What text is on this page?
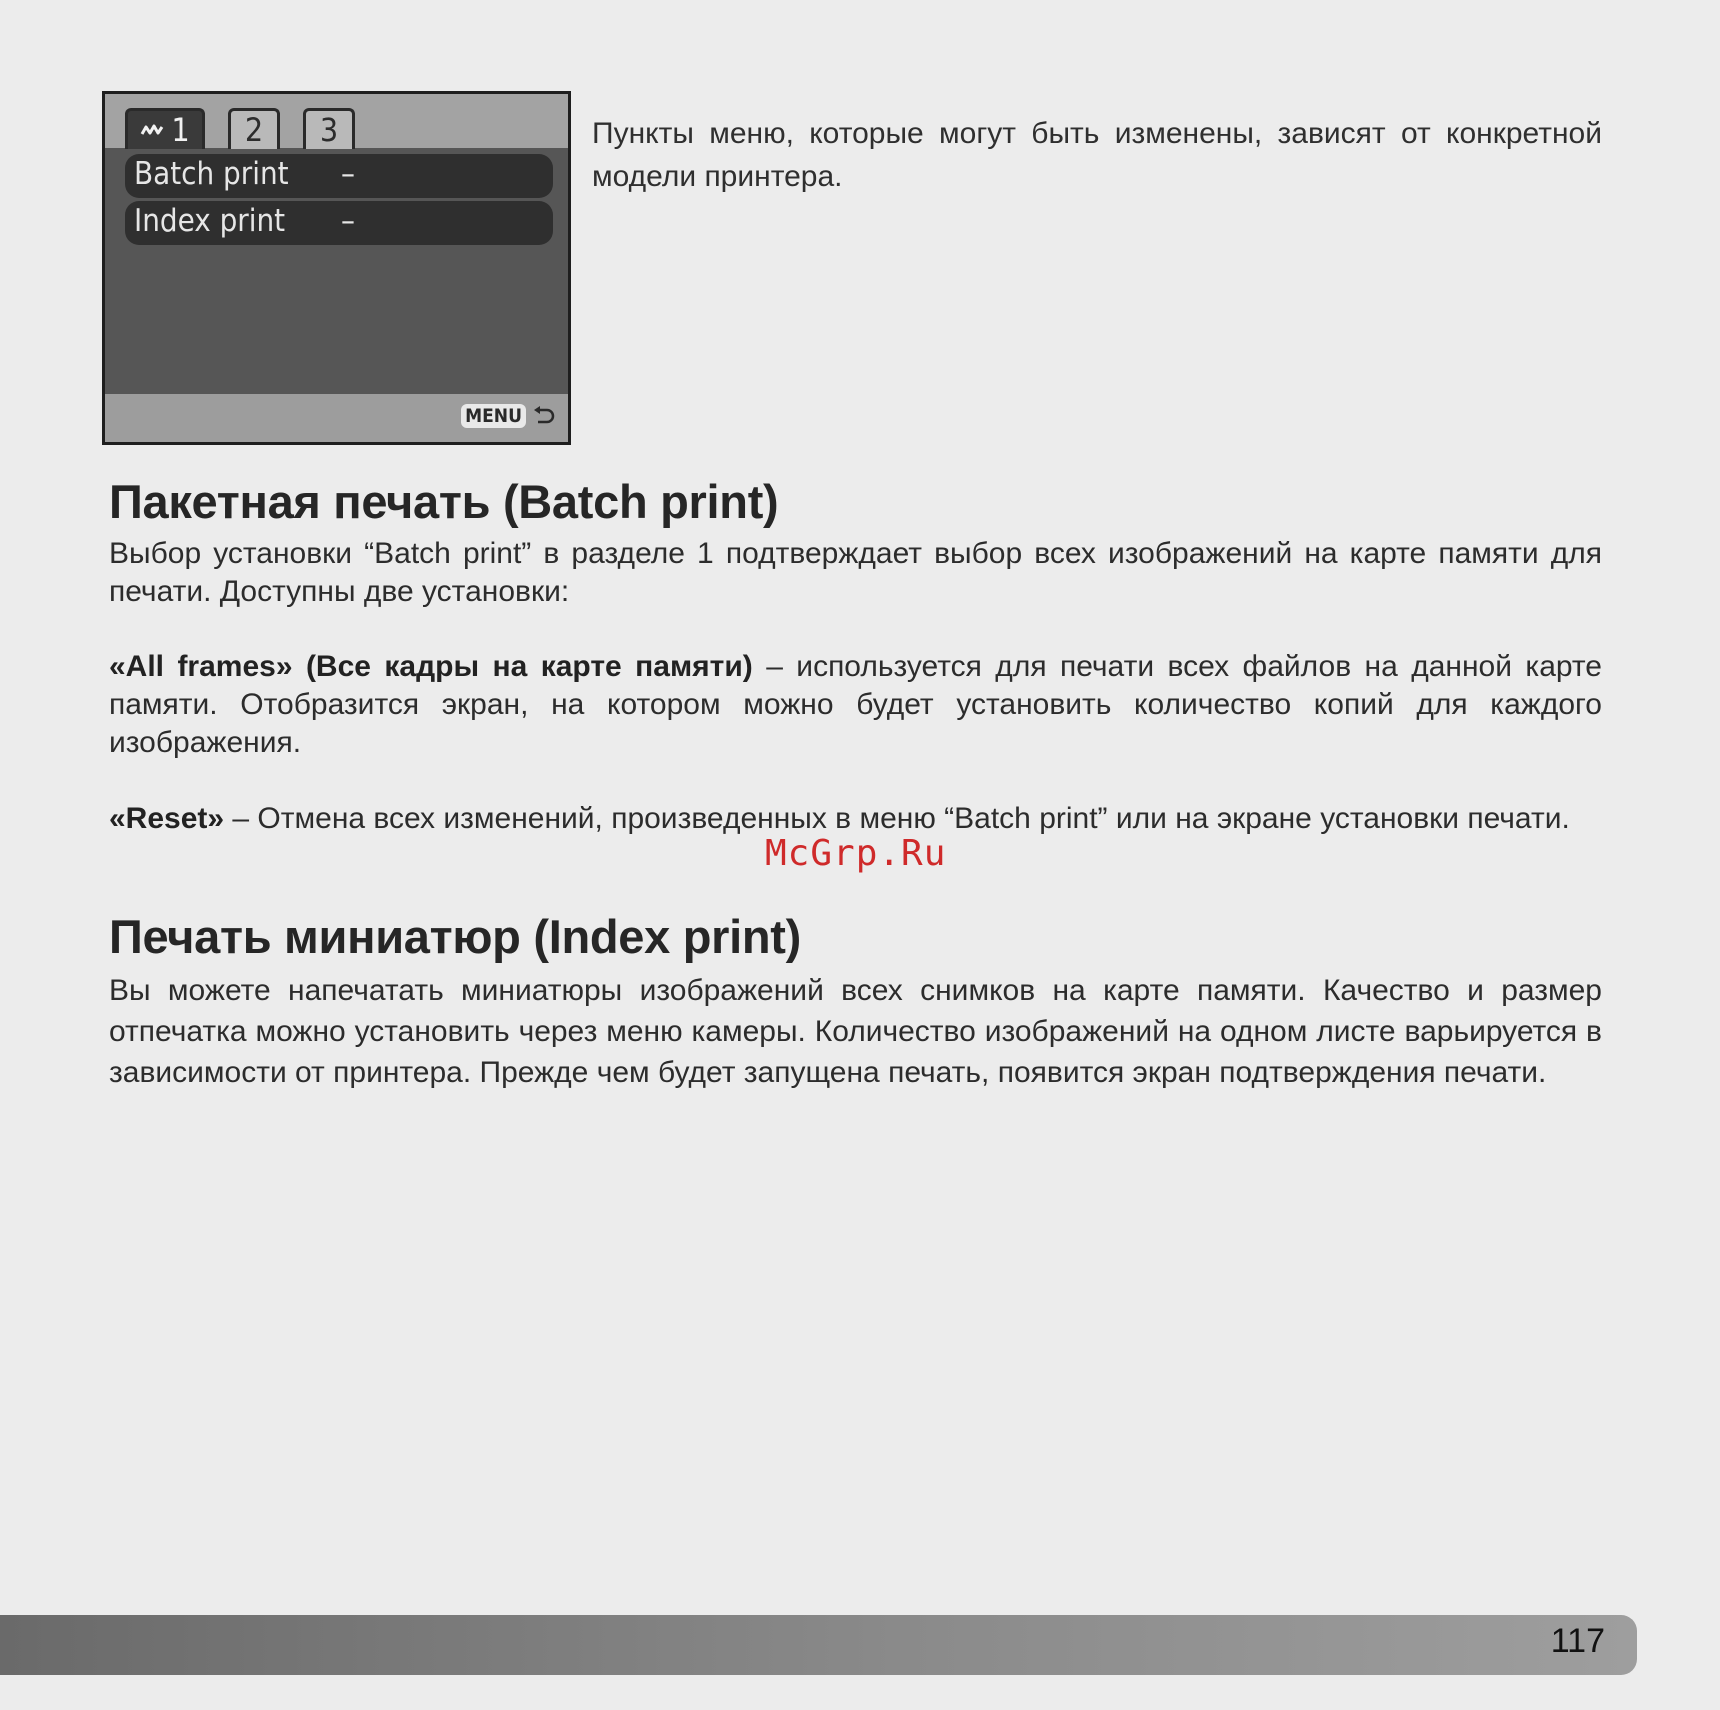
1 2 3
Batch print –
Index print –
MENU

Пункты меню, которые могут быть изменены, зависят от конкретной модели принтера.

Пакетная печать (Batch print)

Выбор установки “Batch print” в разделе 1 подтверждает выбор всех изображений на карте памяти для печати. Доступны две установки:

«All frames» (Все кадры на карте памяти) – используется для печати всех файлов на данной карте памяти. Отобразится экран, на котором можно будет установить количество копий для каждого изображения.

«Reset» – Отмена всех изменений, произведенных в меню “Batch print” или на экране установки печати.

McGrp.Ru
Печать миниатюр (Index print)

Вы можете напечатать миниатюры изображений всех снимков на карте памяти. Качество и размер отпечатка можно установить через меню камеры. Количество изображений на одном листе варьируется в зависимости от принтера. Прежде чем будет запущена печать, появится экран подтверждения печати.

117
